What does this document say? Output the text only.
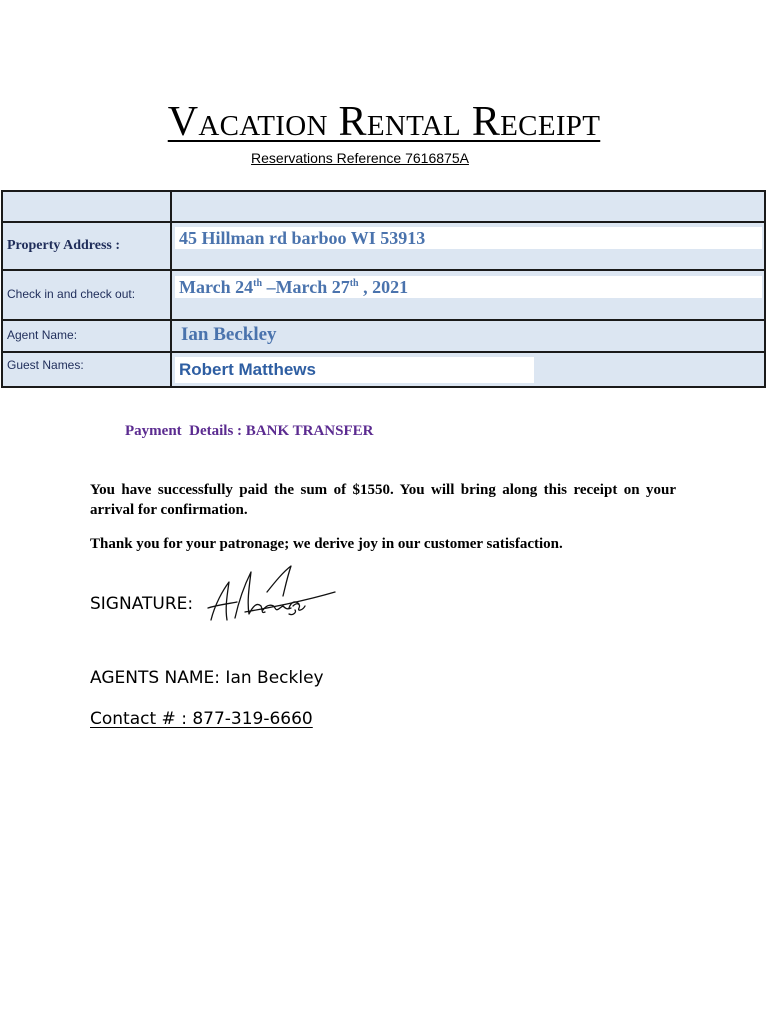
Vacation Rental Receipt
Reservations Reference 7616875A
Property Address :	45 Hillman rd barboo WI 53913
Check in and check out:	March 24th –March 27th , 2021
Agent Name:	Ian Beckley
Guest Names:	Robert Matthews
Payment  Details : BANK TRANSFER
You have successfully paid the sum of $1550. You will bring along this receipt on your arrival for confirmation.
Thank you for your patronage; we derive joy in our customer satisfaction.
SIGNATURE:
AGENTS NAME: Ian Beckley
Contact # : 877-319-6660
